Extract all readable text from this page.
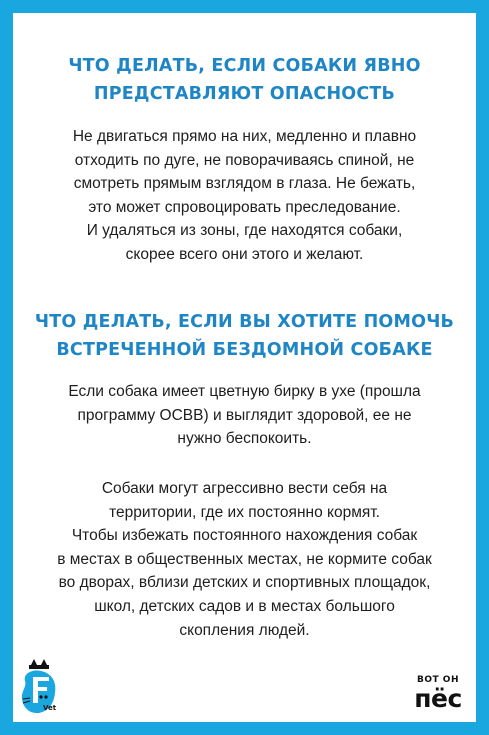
ЧТО ДЕЛАТЬ, ЕСЛИ СОБАКИ ЯВНО
ПРЕДСТАВЛЯЮТ ОПАСНОСТЬ

Не двигаться прямо на них, медленно и плавно
отходить по дуге, не поворачиваясь спиной, не
смотреть прямым взглядом в глаза. Не бежать,
это может спровоцировать преследование.
И удаляться из зоны, где находятся собаки,
скорее всего они этого и желают.

ЧТО ДЕЛАТЬ, ЕСЛИ ВЫ ХОТИТЕ ПОМОЧЬ
ВСТРЕЧЕННОЙ БЕЗДОМНОЙ СОБАКЕ

Если собака имеет цветную бирку в ухе (прошла
программу ОСВВ) и выглядит здоровой, ее не
нужно беспокоить.

Собаки могут агрессивно вести себя на
территории, где их постоянно кормят.
Чтобы избежать постоянного нахождения собак
в местах в общественных местах, не кормите собак
во дворах, вблизи детских и спортивных площадок,
школ, детских садов и в местах большого
скопления людей.

Vet
ВОТ ОН
пёс
